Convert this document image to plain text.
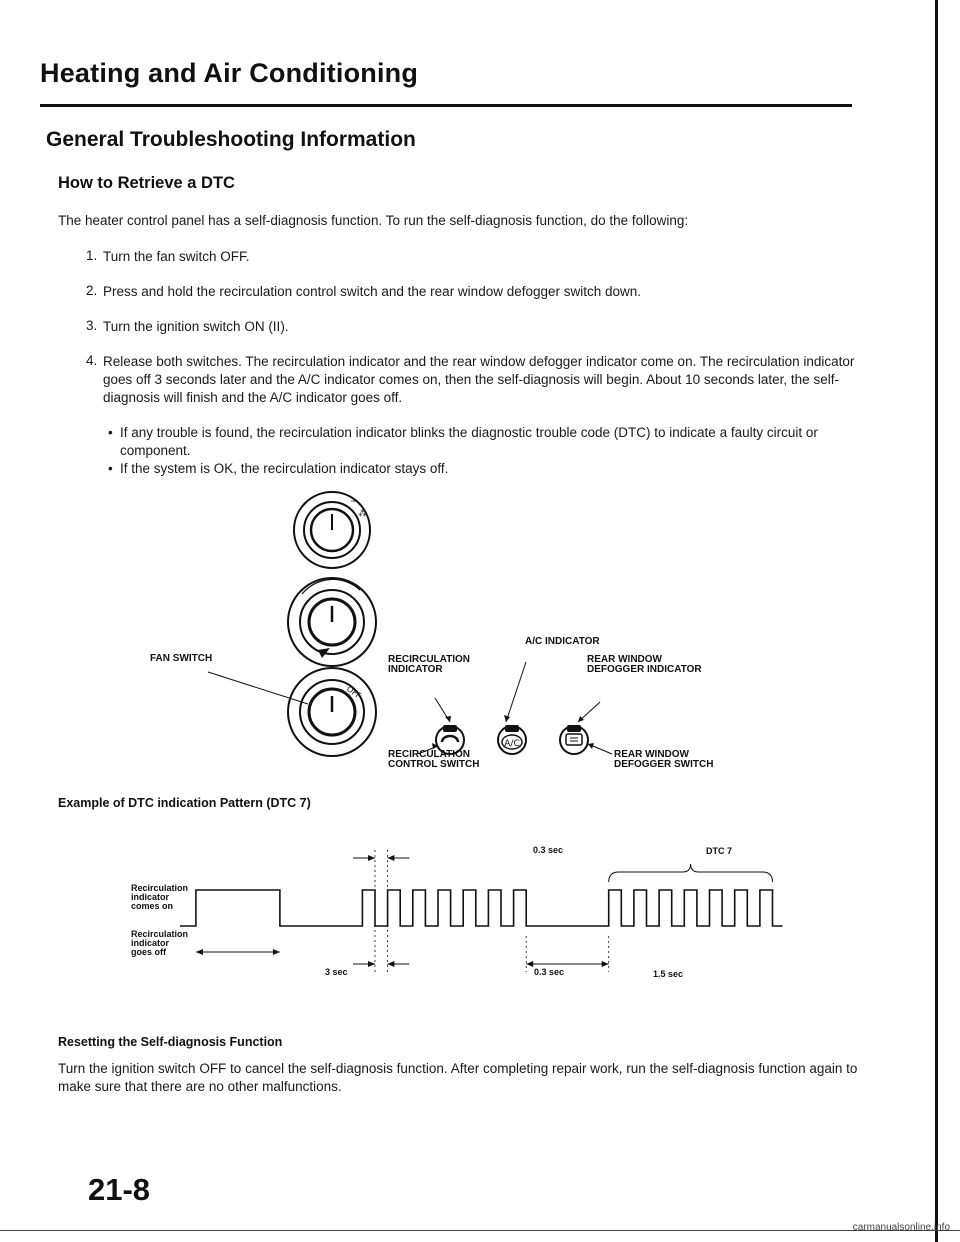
Heating and Air Conditioning
General Troubleshooting Information
How to Retrieve a DTC
The heater control panel has a self-diagnosis function. To run the self-diagnosis function, do the following:
1. Turn the fan switch OFF.
2. Press and hold the recirculation control switch and the rear window defogger switch down.
3. Turn the ignition switch ON (II).
4. Release both switches. The recirculation indicator and the rear window defogger indicator come on. The recirculation indicator goes off 3 seconds later and the A/C indicator comes on, then the self-diagnosis will begin. About 10 seconds later, the self-diagnosis will finish and the A/C indicator goes off.
• If any trouble is found, the recirculation indicator blinks the diagnostic trouble code (DTC) to indicate a faulty circuit or component.
• If the system is OK, the recirculation indicator stays off.
~
⁂
OFF
A/C
FAN SWITCH
A/C INDICATOR
RECIRCULATION
INDICATOR
REAR WINDOW
DEFOGGER INDICATOR
RECIRCULATION
CONTROL SWITCH
REAR WINDOW
DEFOGGER SWITCH
Example of DTC indication Pattern (DTC 7)
Recirculation
indicator
comes on
Recirculation
indicator
goes off
0.3 sec	DTC 7
3 sec	0.3 sec	1.5 sec
Resetting the Self-diagnosis Function
Turn the ignition switch OFF to cancel the self-diagnosis function. After completing repair work, run the self-diagnosis function again to make sure that there are no other malfunctions.
21-8
carmanualsonline.info
